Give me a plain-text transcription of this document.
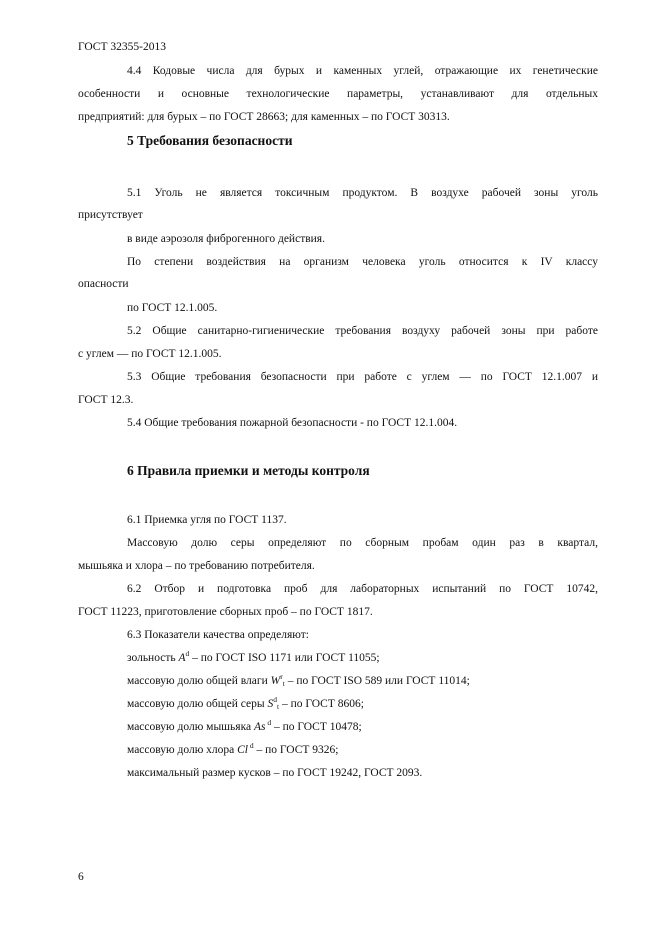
ГОСТ 32355-2013
4.4 Кодовые числа для бурых и каменных углей, отражающие их генетические
особенности и основные технологические параметры, устанавливают для отдельных
предприятий: для бурых – по ГОСТ 28663; для каменных – по ГОСТ 30313.
5 Требования безопасности
5.1 Уголь не является токсичным продуктом. В воздухе рабочей зоны уголь
присутствует
в виде аэрозоля фиброгенного действия.
По степени воздействия на организм человека уголь относится к IV классу
опасности
по ГОСТ 12.1.005.
5.2 Общие санитарно-гигиенические требования воздуху рабочей зоны при работе
с углем — по ГОСТ 12.1.005.
5.3 Общие требования безопасности при работе с углем — по ГОСТ 12.1.007 и
ГОСТ 12.3.
5.4 Общие требования пожарной безопасности - по ГОСТ 12.1.004.
6 Правила приемки и методы контроля
6.1 Приемка угля по ГОСТ 1137.
Массовую долю серы определяют по сборным пробам один раз в квартал,
мышьяка и хлора – по требованию потребителя.
6.2 Отбор и подготовка проб для лабораторных испытаний по ГОСТ 10742,
ГОСТ 11223, приготовление сборных проб – по ГОСТ 1817.
6.3 Показатели качества определяют:
зольность $A^d$ – по ГОСТ ISO 1171 или ГОСТ 11055;
массовую долю общей влаги $W^r_t$ – по ГОСТ ISO 589 или ГОСТ 11014;
массовую долю общей серы $S^d_t$ – по ГОСТ 8606;
массовую долю мышьяка As $^d$ – по ГОСТ 10478;
массовую долю хлора Cl $^d$ – по ГОСТ 9326;
максимальный размер кусков – по ГОСТ 19242, ГОСТ 2093.
6
